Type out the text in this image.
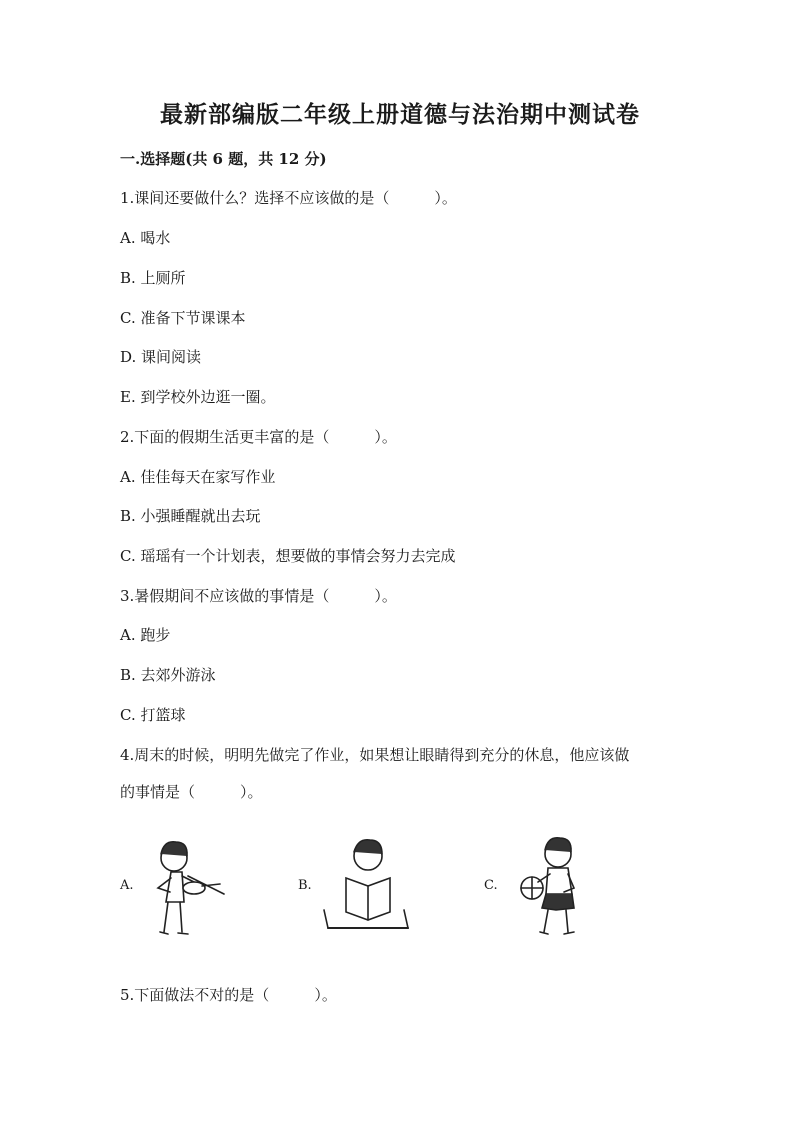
最新部编版二年级上册道德与法治期中测试卷
一.选择题(共 6 题，共 12 分)
1.课间还要做什么？选择不应该做的是（　　　）。
A. 喝水
B. 上厕所
C. 准备下节课课本
D. 课间阅读
E. 到学校外边逛一圈。
2.下面的假期生活更丰富的是（　　　）。
A. 佳佳每天在家写作业
B. 小强睡醒就出去玩
C. 瑶瑶有一个计划表，想要做的事情会努力去完成
3.暑假期间不应该做的事情是（　　　）。
A. 跑步
B. 去郊外游泳
C. 打篮球
4.周末的时候，明明先做完了作业，如果想让眼睛得到充分的休息，他应该做
的事情是（　　　）。
A.	B.	C.
5.下面做法不对的是（　　　）。
